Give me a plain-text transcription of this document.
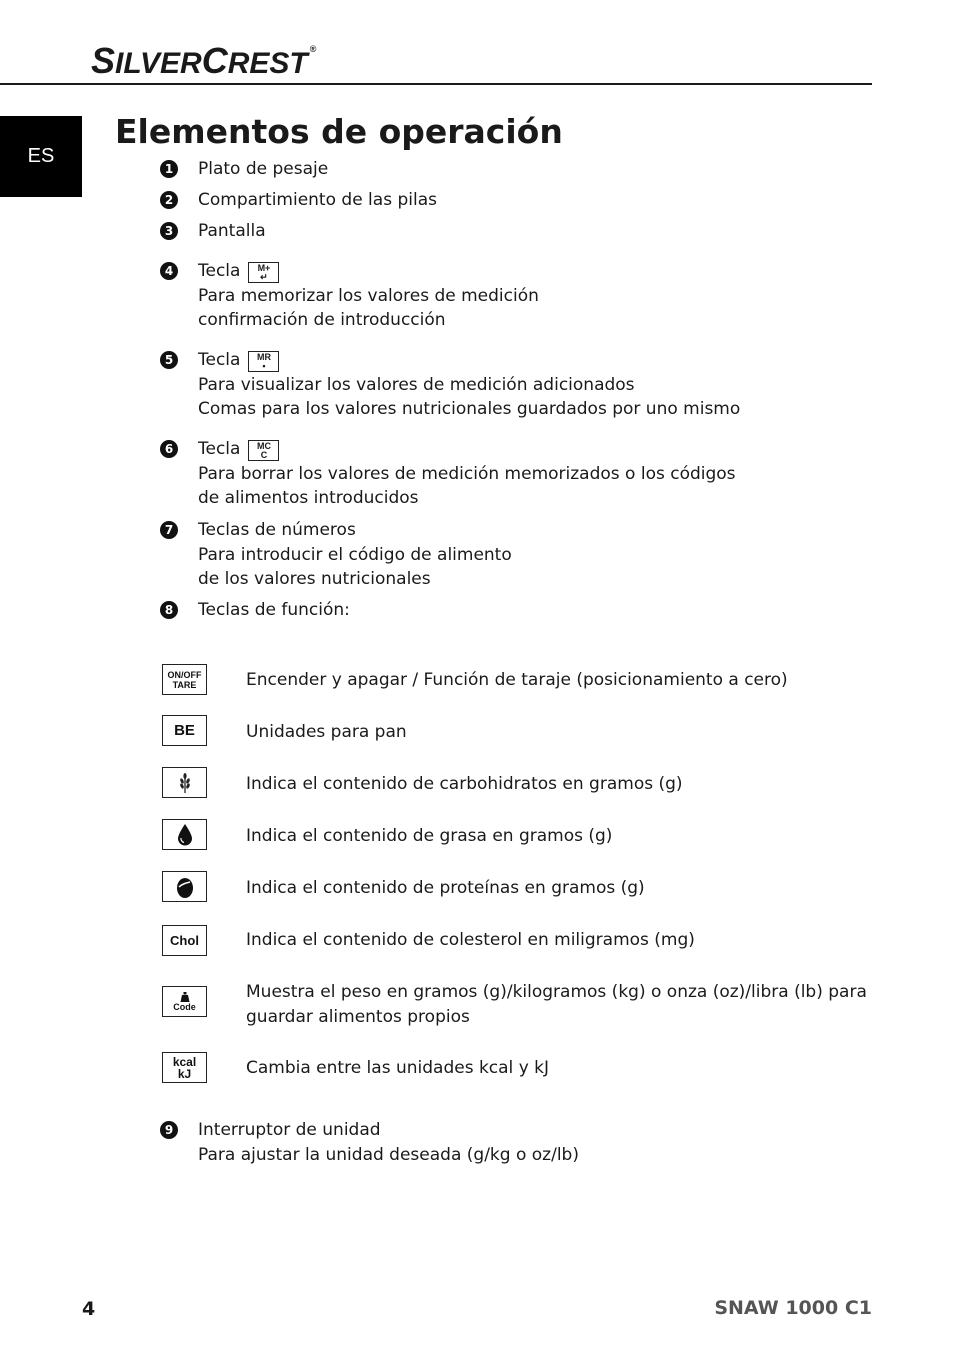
SILVERCREST ®
ES
Elementos de operación
1 Plato de pesaje
2 Compartimiento de las pilas
3 Pantalla
4 Tecla M+
↵
Para memorizar los valores de medición
confirmación de introducción
5 Tecla MR
▪
Para visualizar los valores de medición adicionados
Comas para los valores nutricionales guardados por uno mismo
6 Tecla MC
C
Para borrar los valores de medición memorizados o los códigos
de alimentos introducidos
7 Teclas de números
Para introducir el código de alimento
de los valores nutricionales
8 Teclas de función:
ON/OFF
TARE	Encender y apagar / Función de tarajе (posicionamiento a cero)
BE	Unidades para pan
Indica el contenido de carbohidratos en gramos (g)
Indica el contenido de grasa en gramos (g)
Indica el contenido de proteínas en gramos (g)
Chol	Indica el contenido de colesterol en miligramos (mg)
Code
Muestra el peso en gramos (g)/kilogramos (kg) o onza (oz)/libra (lb) para
guardar alimentos propios
kcal
kJ	Cambia entre las unidades kcal y kJ
9 Interruptor de unidad
Para ajustar la unidad deseada (g/kg o oz/lb)
4	SNAW 1000 C1
